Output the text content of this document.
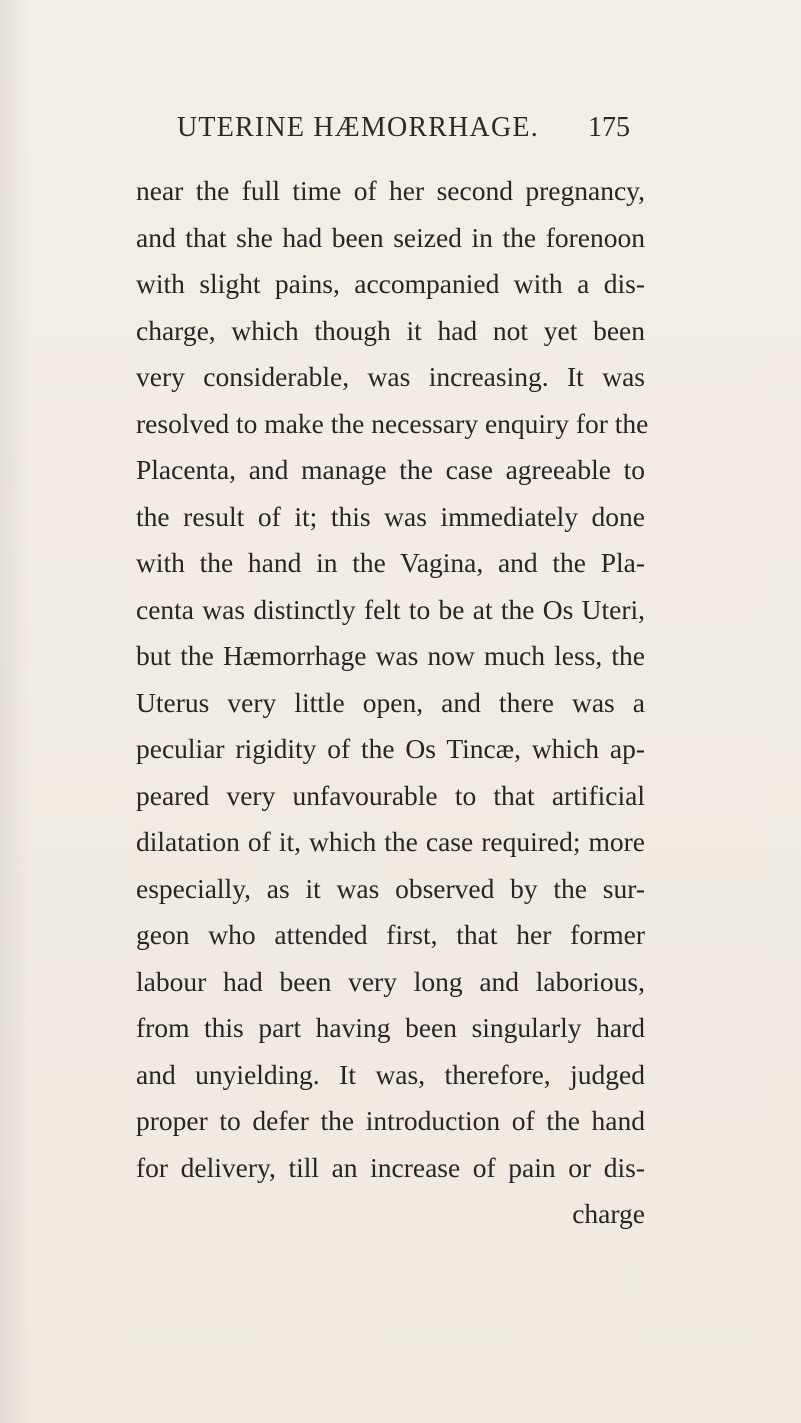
UTERINE HÆMORRHAGE. 175
near the full time of her second pregnancy,
and that she had been seized in the forenoon
with slight pains, accompanied with a dis-
charge, which though it had not yet been
very considerable, was increasing. It was
resolved to make the necessary enquiry for the
Placenta, and manage the case agreeable to
the result of it; this was immediately done
with the hand in the Vagina, and the Pla-
centa was distinctly felt to be at the Os Uteri,
but the Hæmorrhage was now much less, the
Uterus very little open, and there was a
peculiar rigidity of the Os Tincæ, which ap-
peared very unfavourable to that artificial
dilatation of it, which the case required; more
especially, as it was observed by the sur-
geon who attended first, that her former
labour had been very long and laborious,
from this part having been singularly hard
and unyielding. It was, therefore, judged
proper to defer the introduction of the hand
for delivery, till an increase of pain or dis-
charge
